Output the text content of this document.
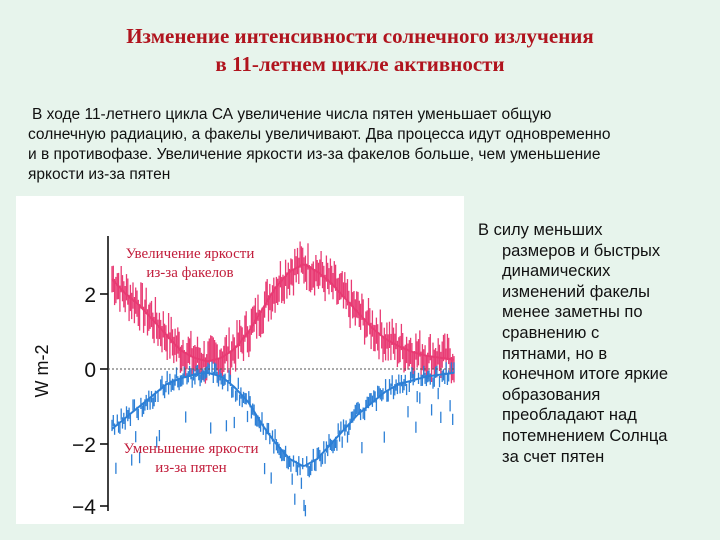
Изменение интенсивности солнечного излучения
в 11-летнем цикле активности
В ходе 11-летнего цикла СА увеличение числа пятен уменьшает общую
солнечную радиацию, а факелы увеличивают. Два процесса идут одновременно
и в противофазе. Увеличение яркости из-за факелов больше, чем уменьшение
яркости из-за пятен
2
0
−2
−4
W m-2
Увеличение яркости
из-за факелов
Уменьшение яркости
из-за пятен
В силу меньших
размеров и быстрых
динамических
изменений факелы
менее заметны по
сравнению с
пятнами, но в
конечном итоге яркие
образования
преобладают над
потемнением Солнца
за счет пятен
